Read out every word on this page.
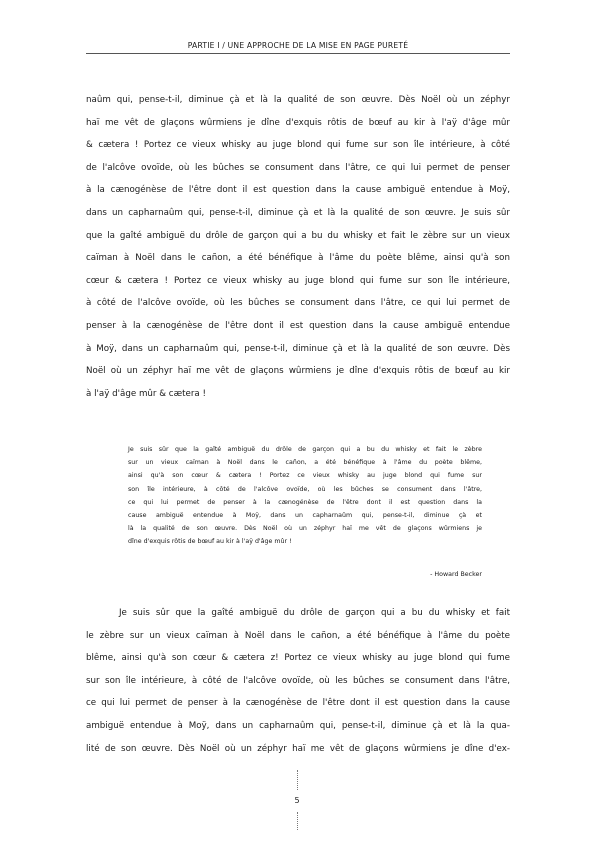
PARTIE I / UNE APPROCHE DE LA MISE EN PAGE PURETÉ
naûm qui, pense-t-il, diminue çà et là la qualité de son œuvre. Dès Noël où un zéphyr
haï me vêt de glaçons wûrmiens je dîne d'exquis rôtis de bœuf au kir à l'aÿ d'âge mûr
& cætera ! Portez ce vieux whisky au juge blond qui fume sur son île intérieure, à côté
de l'alcôve ovoïde, où les bûches se consument dans l'âtre, ce qui lui permet de penser
à la cænogénèse de l'être dont il est question dans la cause ambiguë entendue à Moÿ,
dans un capharnaûm qui, pense-t-il, diminue çà et là la qualité de son œuvre. Je suis sûr
que la gaîté ambiguë du drôle de garçon qui a bu du whisky et fait le zèbre sur un vieux
caïman à Noël dans le cañon, a été bénéfique à l'âme du poète blême, ainsi qu'à son
cœur & cætera ! Portez ce vieux whisky au juge blond qui fume sur son île intérieure,
à côté de l'alcôve ovoïde, où les bûches se consument dans l'âtre, ce qui lui permet de
penser à la cænogénèse de l'être dont il est question dans la cause ambiguë entendue
à Moÿ, dans un capharnaûm qui, pense-t-il, diminue çà et là la qualité de son œuvre. Dès
Noël où un zéphyr haï me vêt de glaçons wûrmiens je dîne d'exquis rôtis de bœuf au kir
à l'aÿ d'âge mûr & cætera !
Je suis sûr que la gaîté ambiguë du drôle de garçon qui a bu du whisky et fait le zèbre
sur un vieux caïman à Noël dans le cañon, a été bénéfique à l'âme du poète blême,
ainsi qu'à son cœur & cætera ! Portez ce vieux whisky au juge blond qui fume sur
son île intérieure, à côté de l'alcôve ovoïde, où les bûches se consument dans l'âtre,
ce qui lui permet de penser à la cænogénèse de l'être dont il est question dans la
cause ambiguë entendue à Moÿ, dans un capharnaûm qui, pense-t-il, diminue çà et
là la qualité de son œuvre. Dès Noël où un zéphyr haï me vêt de glaçons wûrmiens je
dîne d'exquis rôtis de bœuf au kir à l'aÿ d'âge mûr !
- Howard Becker
Je suis sûr que la gaîté ambiguë du drôle de garçon qui a bu du whisky et fait
le zèbre sur un vieux caïman à Noël dans le cañon, a été bénéfique à l'âme du poète
blême, ainsi qu'à son cœur & cætera z! Portez ce vieux whisky au juge blond qui fume
sur son île intérieure, à côté de l'alcôve ovoïde, où les bûches se consument dans l'âtre,
ce qui lui permet de penser à la cænogénèse de l'être dont il est question dans la cause
ambiguë entendue à Moÿ, dans un capharnaûm qui, pense-t-il, diminue çà et là la qua-
lité de son œuvre. Dès Noël où un zéphyr haï me vêt de glaçons wûrmiens je dîne d'ex-
5
